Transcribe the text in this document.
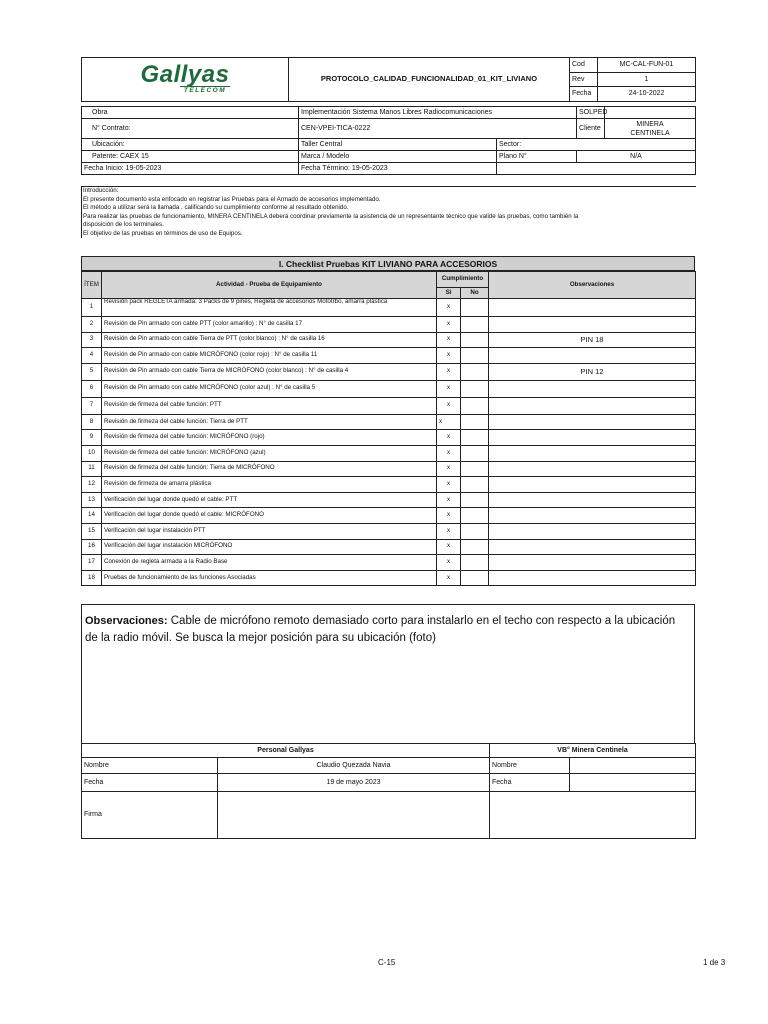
Gallyas
TELECOM	PROTOCOLO_CALIDAD_FUNCIONALIDAD_01_KIT_LIVIANO	Cod	MC-CAL-FUN-01
		Rev	1
		Fecha	24-10-2022
Obra	Implementación Sistema Manos Libres Radiocomunicaciones		SOLPED	
N° Contrato:	CEN-VPEI-TICA-0222		Cliente	MINERA
CENTINELA

Ubicación:	Taller Central	Sector:		
Patente: CAEX 15	Marca / Modelo	Plano N°	N/A	
Fecha Inicio: 19-05-2023	Fecha Término: 19-05-2023			
Introducción:
El presente documento esta enfocado en registrar las Pruebas para el Armado de accesorios implementado.
El método a utilizar será la llamada , calificando su cumplimiento conforme al resultado obtenido.
Para realizar las pruebas de funcionamiento, MINERA CENTINELA deberá coordinar previamente la asistencia de un representante técnico que valide las pruebas, como también la
disposición de los terminales.
El objetivo de las pruebas en términos de uso de Equipos.
I. Checklist Pruebas KIT LIVIANO PARA ACCESORIOS
ÍTEM	Actividad - Prueba de Equipamiento	Cumplimiento		Observaciones
		Si	No	
1	Revisión pack REGLETA armada: 3 Packs de 9 pines, Regleta de accesorios Mototrbo, amarra plástica	x		
2	Revisión de Pin armado con cable PTT (color amarillo) : N° de casilla 17	x		
3	Revisión de Pin armado con cable Tierra de PTT (color blanco) : N° de casilla 16	x		PIN 18
4	Revisión de Pin armado con cable MICRÓFONO (color rojo) : N° de casilla 11	x		
5	Revisión de Pin armado con cable Tierra de MICRÓFONO (color blanco) : N° de casilla 4	x		PIN 12
6	Revisión de Pin armado con cable MICRÓFONO (color azul) : N° de casilla 5	x		
7	Revisión de firmeza del cable función: PTT	x		
8	Revisión de firmeza del cable función: Tierra de PTT	x		
9	Revisión de firmeza del cable función: MICRÓFONO (rojo)	x		
10	Revisión de firmeza del cable función: MICRÓFONO (azul)	x		
11	Revisión de firmeza del cable función: Tierra de MICRÓFONO	x		
12	Revisión de firmeza de amarra plástica	x		
13	Verificación del lugar donde quedó el cable: PTT	x		
14	Verificación del lugar donde quedó el cable: MICRÓFONO	x		
15	Verificación del lugar instalación PTT	x		
16	Verificación del lugar instalación MICRÓFONO	x		
17	Conexión de regleta armada a la Radio Base	x		
18	Pruebas de funcionamiento de las funciones Asociadas	x		
Observaciones: Cable de micrófono remoto demasiado corto para instalarlo en el techo con respecto a la ubicación de la radio móvil. Se busca la mejor posición para su ubicación (foto)
Personal Gallyas		VB° Minera Centinela	
Nombre	Claudio Quezada Navia	Nombre	
Fecha	19 de mayo 2023	Fecha	
Firma			
C-15	1 de 3
